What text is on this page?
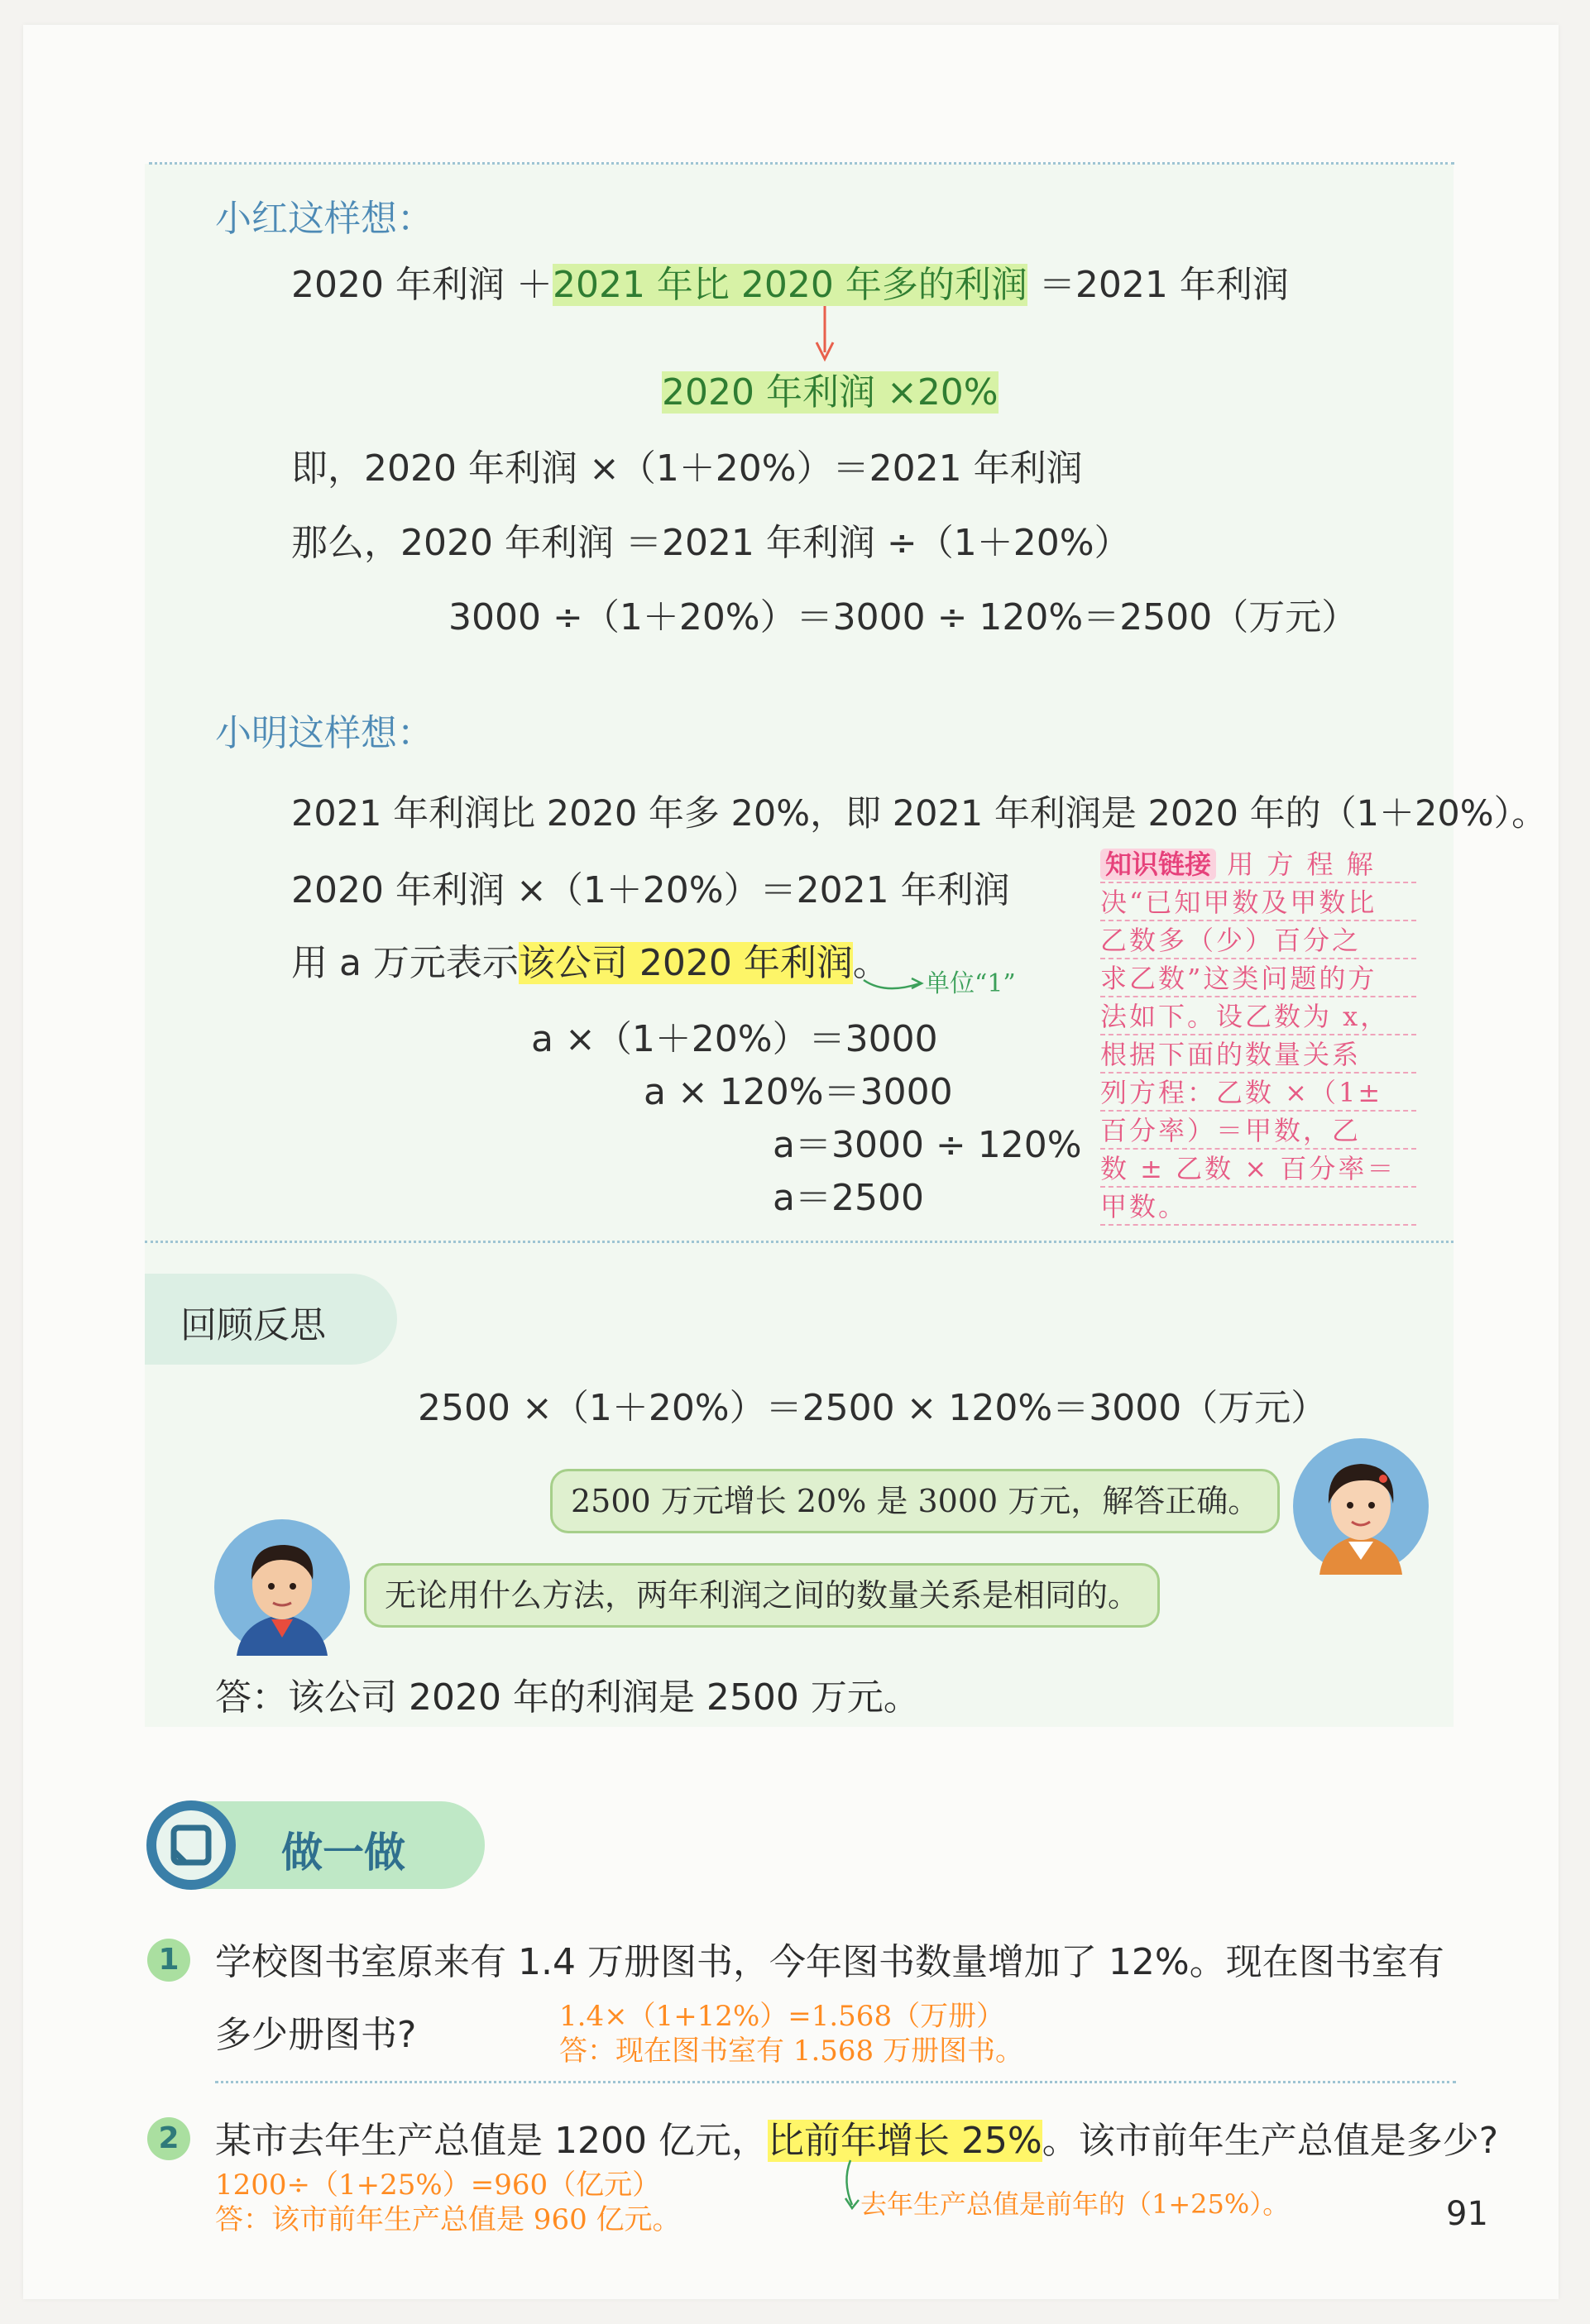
小红这样想：
2020 年利润 ＋2021 年比 2020 年多的利润 ＝2021 年利润
2020 年利润 ×20%
即，2020 年利润 ×（1＋20%）＝2021 年利润
那么，2020 年利润 ＝2021 年利润 ÷（1＋20%）
3000 ÷（1＋20%）＝3000 ÷ 120%＝2500（万元）
小明这样想：
2021 年利润比 2020 年多 20%，即 2021 年利润是 2020 年的（1＋20%）。
2020 年利润 ×（1＋20%）＝2021 年利润
用 a 万元表示该公司 2020 年利润。 单位“1”
a ×（1＋20%）＝3000
a × 120%＝3000
a＝3000 ÷ 120%
a＝2500
知识链接 用 方 程 解
决“已知甲数及甲数比
乙数多（少）百分之
求乙数”这类问题的方
法如下。设乙数为 x，
根据下面的数量关系
列方程：乙数 ×（1±
百分率）＝甲数，乙
数 ± 乙数 × 百分率＝
甲数。
回顾反思
2500 ×（1＋20%）＝2500 × 120%＝3000（万元）
2500 万元增长 20% 是 3000 万元，解答正确。
无论用什么方法，两年利润之间的数量关系是相同的。
答：该公司 2020 年的利润是 2500 万元。
做一做
1 学校图书室原来有 1.4 万册图书，今年图书数量增加了 12%。现在图书室有
多少册图书?	1.4×（1+12%）=1.568（万册）
答：现在图书室有 1.568 万册图书。
2 某市去年生产总值是 1200 亿元，比前年增长 25%。该市前年生产总值是多少?
1200÷（1+25%）=960（亿元）
答：该市前年生产总值是 960 亿元。	去年生产总值是前年的（1+25%）。	91
